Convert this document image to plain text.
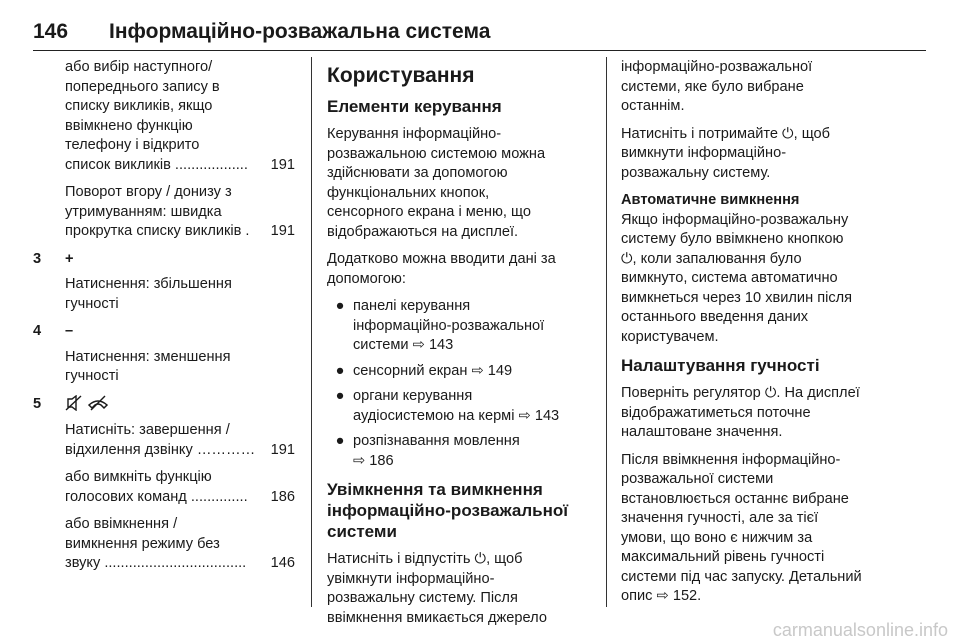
146 Інформаційно-розважальна система
або вибір наступного/
попереднього запису в
списку викликів, якщо
ввімкнено функцію
телефону і відкрито
список викликів ..................	191
Поворот вгору / донизу з
утримуванням: швидка
прокрутка списку викликів .	191
3	+

Натиснення: збільшення
гучності

4	–

Натиснення: зменшення
гучності

5

Натисніть: завершення /
відхилення дзвінку …………	191
або вимкніть функцію
голосових команд ..............	186
або ввімкнення /
вимкнення режиму без
звуку ...................................	146
Користування
Елементи керування

Керування інформаційно-
розважальною системою можна
здійснювати за допомогою
функціональних кнопок,
сенсорного екрана і меню, що
відображаються на дисплеї.

Додатково можна вводити дані за
допомогою:

● панелі керування
інформаційно-розважальної
системи ⇨ 143
● сенсорний екран ⇨ 149
● органи керування
аудіосистемою на кермі ⇨ 143
● розпізнавання мовлення
⇨ 186
Увімкнення та вимкнення
інформаційно-розважальної
системи

Натисніть і відпустіть ⏻, щоб
увімкнути інформаційно-
розважальну систему. Після
ввімкнення вмикається джерело

інформаційно-розважальної
системи, яке було вибране
останнім.

Натисніть і потримайте ⏻, щоб
вимкнути інформаційно-
розважальну систему.

Автоматичне вимкнення

Якщо інформаційно-розважальну
систему було ввімкнено кнопкою
⏻, коли запалювання було
вимкнуто, система автоматично
вимкнеться через 10 хвилин після
останнього введення даних
користувачем.

Налаштування гучності

Поверніть регулятор ⏻. На дисплеї
відображатиметься поточне
налаштоване значення.

Після ввімкнення інформаційно-
розважальної системи
встановлюється останнє вибране
значення гучності, але за тієї
умови, що воно є нижчим за
максимальний рівень гучності
системи під час запуску. Детальний
опис ⇨ 152.

carmanualsonline.info
